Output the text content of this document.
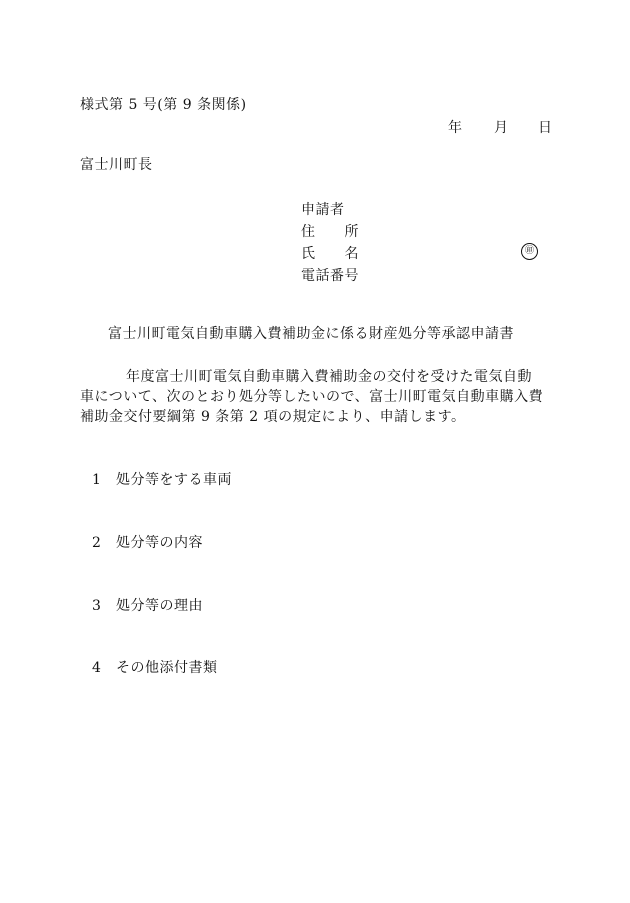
様式第 5 号(第 9 条関係)
年 月 日
富士川町長
申請者
住　　所
氏　　名
電話番号
㊞
富士川町電気自動車購入費補助金に係る財産処分等承認申請書
年度富士川町電気自動車購入費補助金の交付を受けた電気自動
車について、次のとおり処分等したいので、富士川町電気自動車購入費
補助金交付要綱第 9 条第 2 項の規定により、申請します。
1 処分等をする車両
2 処分等の内容
3 処分等の理由
4 その他添付書類
